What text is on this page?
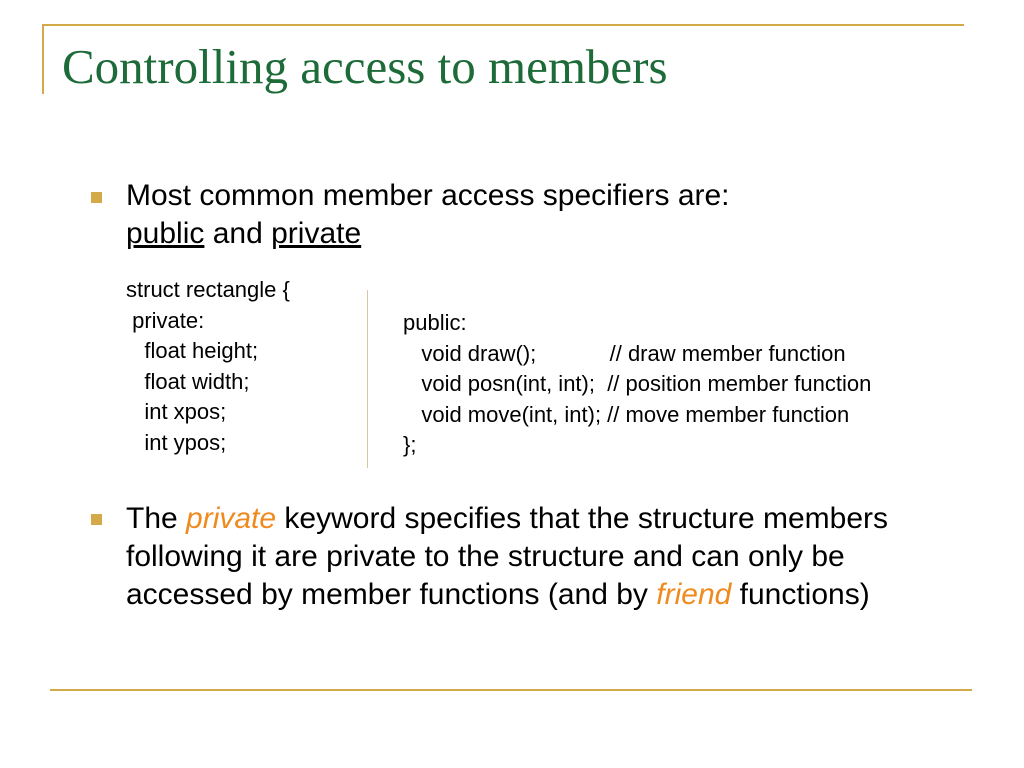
Controlling access to members
Most common member access specifiers are:
public and private
struct rectangle {
private:
float height;
float width;
int xpos;
int ypos;
public:
void draw();            // draw member function
void posn(int, int);  // position member function
void move(int, int); // move member function
};
The private keyword specifies that the structure members following it are private to the structure and can only be accessed by member functions (and by friend functions)
